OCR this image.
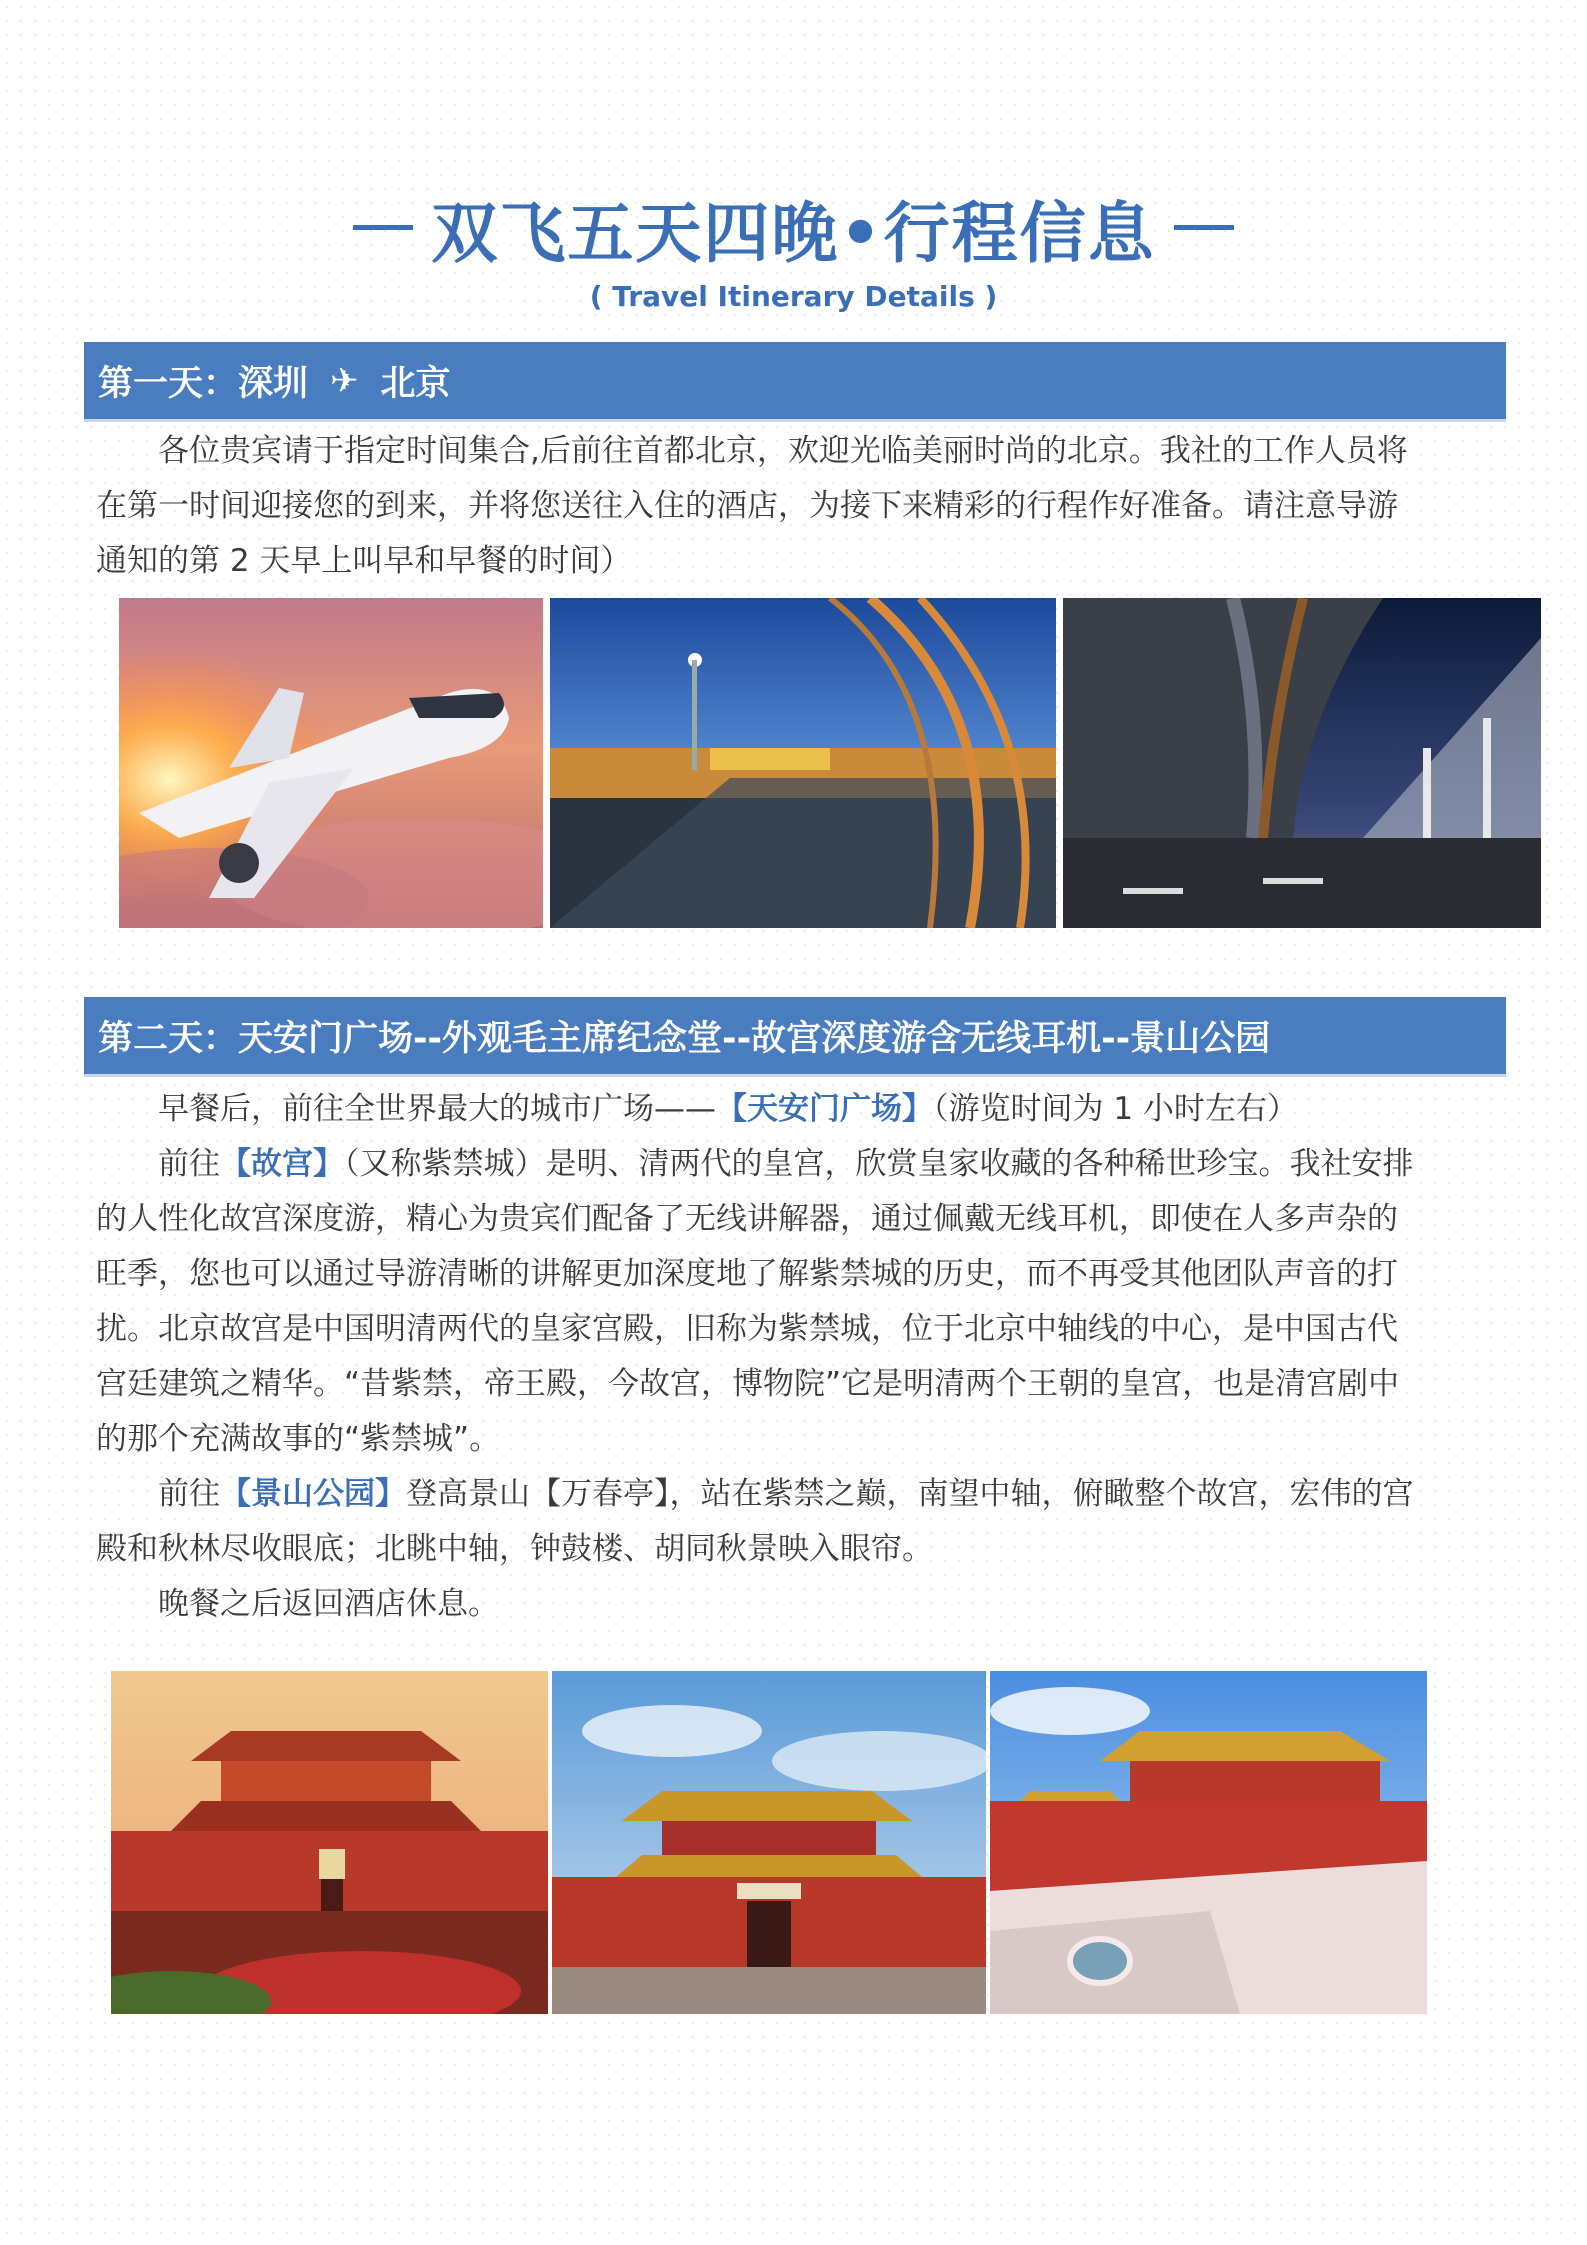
双飞五天四晚•行程信息
( Travel Itinerary Details )
第一天：深圳 ✈ 北京

各位贵宾请于指定时间集合,后前往首都北京，欢迎光临美丽时尚的北京。我社的工作人员将在第一时间迎接您的到来，并将您送往入住的酒店，为接下来精彩的行程作好准备。请注意导游通知的第 2 天早上叫早和早餐的时间）

第二天：天安门广场--外观毛主席纪念堂--故宫深度游含无线耳机--景山公园

早餐后，前往全世界最大的城市广场——【天安门广场】（游览时间为 1 小时左右）

前往【故宫】（又称紫禁城）是明、清两代的皇宫，欣赏皇家收藏的各种稀世珍宝。我社安排的人性化故宫深度游，精心为贵宾们配备了无线讲解器，通过佩戴无线耳机，即使在人多声杂的旺季，您也可以通过导游清晰的讲解更加深度地了解紫禁城的历史，而不再受其他团队声音的打扰。北京故宫是中国明清两代的皇家宫殿，旧称为紫禁城，位于北京中轴线的中心，是中国古代宫廷建筑之精华。“昔紫禁，帝王殿，今故宫，博物院”它是明清两个王朝的皇宫，也是清宫剧中的那个充满故事的“紫禁城”。

前往【景山公园】登高景山【万春亭】，站在紫禁之巅，南望中轴，俯瞰整个故宫，宏伟的宫殿和秋林尽收眼底；北眺中轴，钟鼓楼、胡同秋景映入眼帘。

晚餐之后返回酒店休息。
